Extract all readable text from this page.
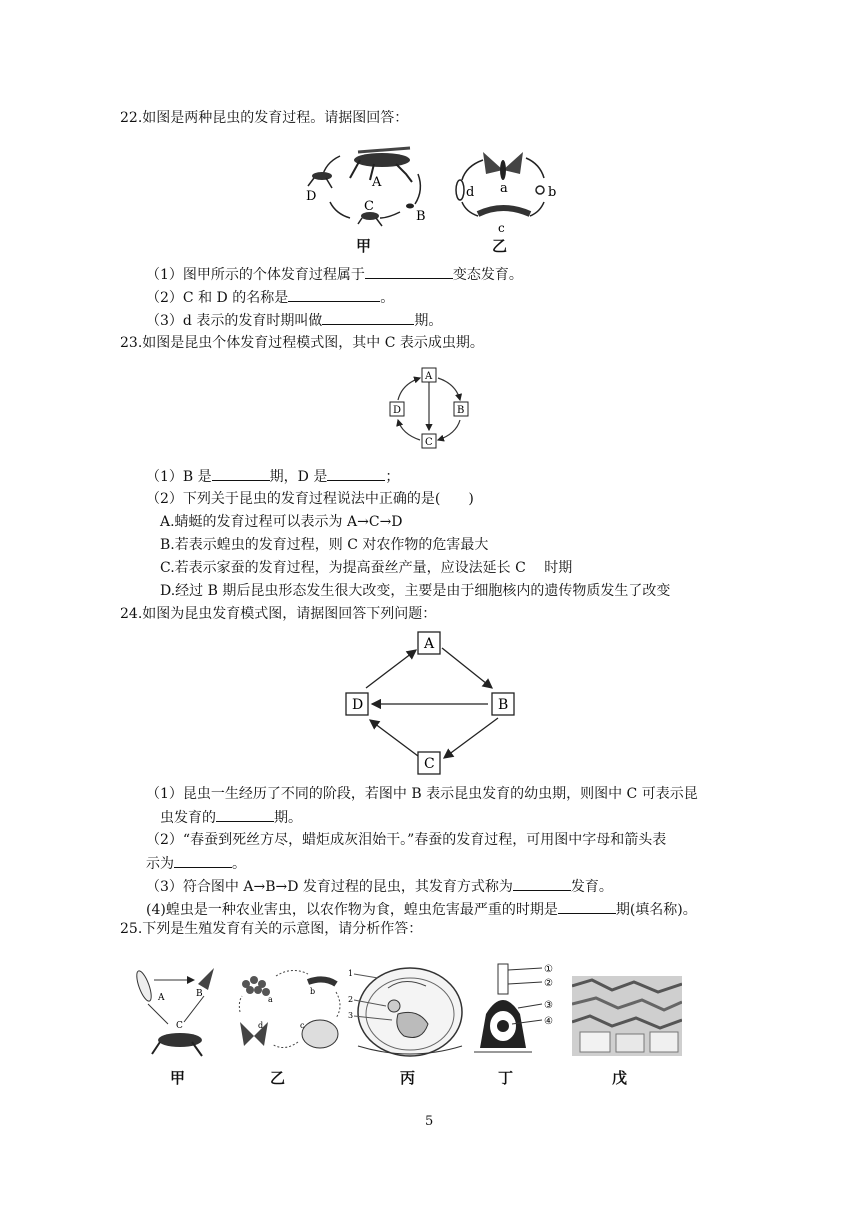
22.如图是两种昆虫的发育过程。请据图回答：
A
B
C
D
甲
a	b
c
d
乙
（1）图甲所示的个体发育过程属于	变态发育。
（2）C 和 D 的名称是	。
（3）d 表示的发育时期叫做	期。
23.如图是昆虫个体发育过程模式图，其中 C 表示成虫期。
A
B
C
D
（1）B 是	期，D 是	；
（2）下列关于昆虫的发育过程说法中正确的是(　　)
A.蜻蜓的发育过程可以表示为 A→C→D
B.若表示蝗虫的发育过程，则 C 对农作物的危害最大
C.若表示家蚕的发育过程，为提高蚕丝产量，应设法延长 C　 时期
D.经过 B 期后昆虫形态发生很大改变，主要是由于细胞核内的遗传物质发生了改变
24.如图为昆虫发育模式图，请据图回答下列问题：
A
B
C
D
（1）昆虫一生经历了不同的阶段，若图中 B 表示昆虫发育的幼虫期，则图中 C 可表示昆
虫发育的	期。
（2）“春蚕到死丝方尽，蜡炬成灰泪始干。”春蚕的发育过程，可用图中字母和箭头表
示为	。
（3）符合图中 A→B→D 发育过程的昆虫，其发育方式称为	发育。
(4)蝗虫是一种农业害虫，以农作物为食，蝗虫危害最严重的时期是	期(填名称)。
25.下列是生殖发育有关的示意图，请分析作答：
A	B
C
a
b
c
d
1
2
3
①
②
③
④
甲	乙	丙	丁	戊
5
